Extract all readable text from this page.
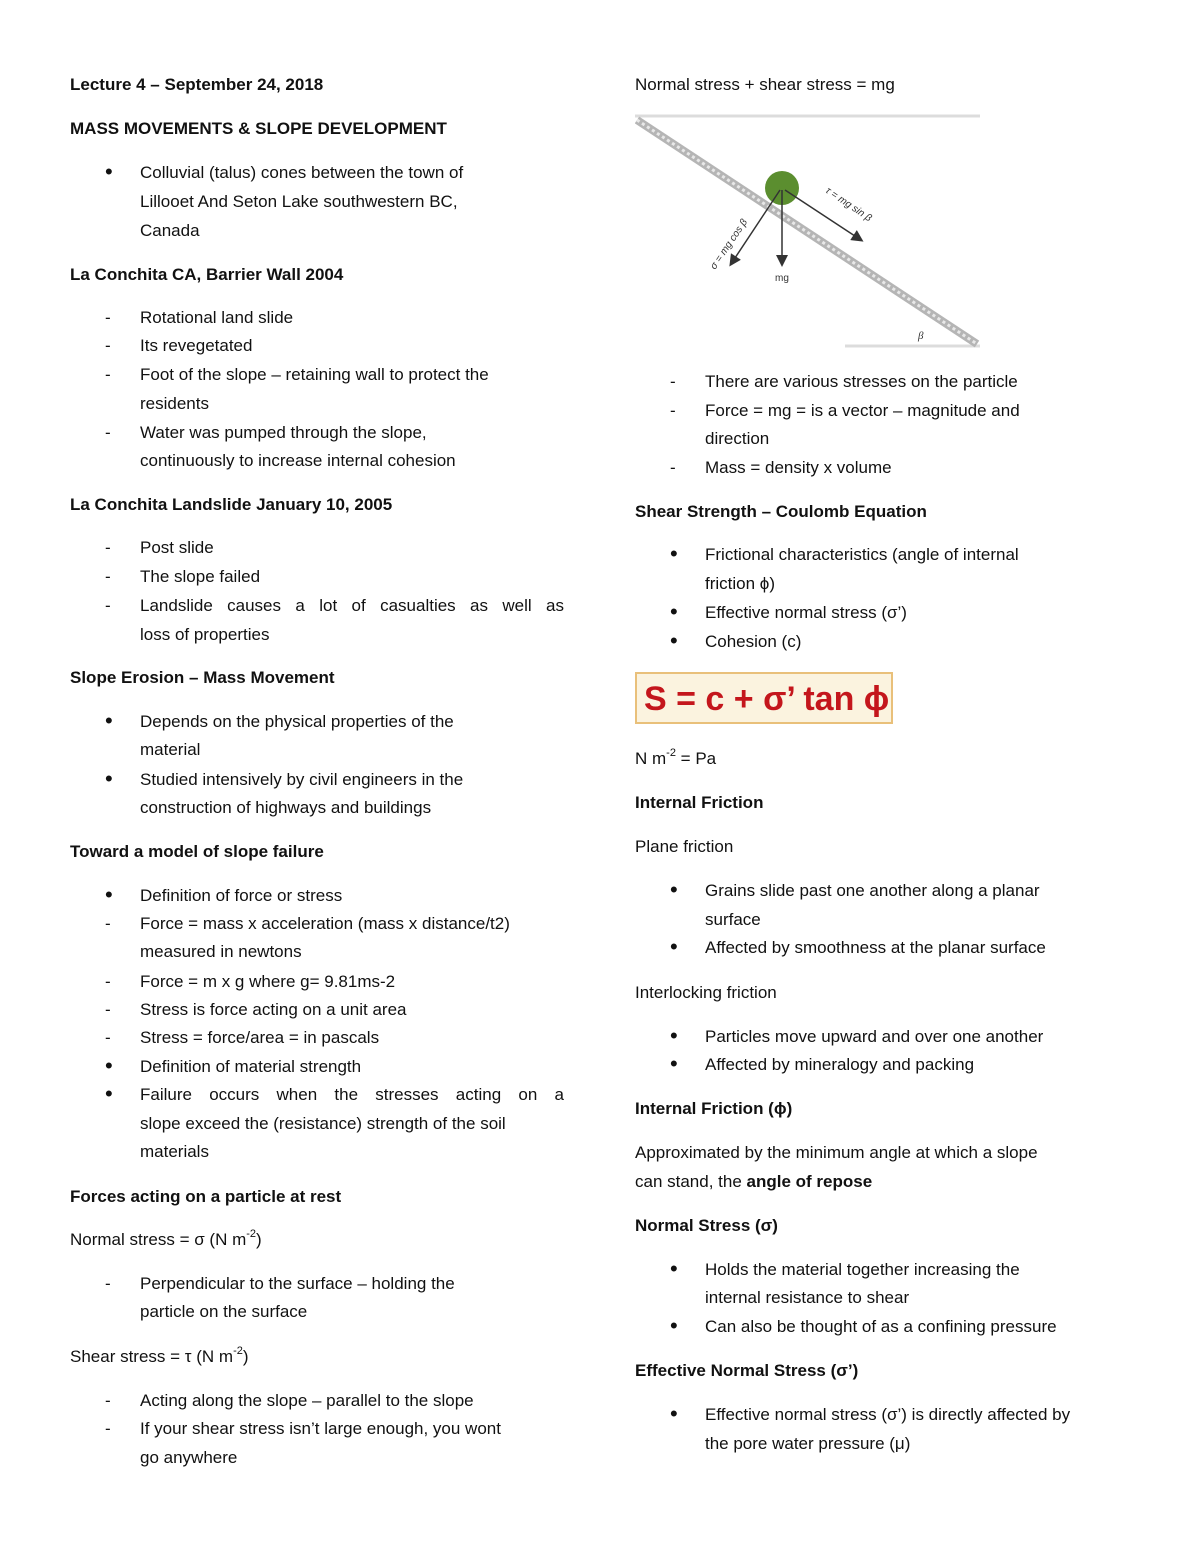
Lecture 4 – September 24, 2018
MASS MOVEMENTS & SLOPE DEVELOPMENT
•	Colluvial (talus) cones between the town of
Lillooet And Seton Lake southwestern BC,
Canada
La Conchita CA, Barrier Wall 2004
-	Rotational land slide
-	Its revegetated
-	Foot of the slope – retaining wall to protect the
residents
-	Water was pumped through the slope,
continuously to increase internal cohesion
La Conchita Landslide January 10, 2005
-	Post slide
-	The slope failed
-	Landslide causes a lot of casualties as well as
loss of properties
Slope Erosion – Mass Movement
•	Depends on the physical properties of the
material
•	Studied intensively by civil engineers in the
construction of highways and buildings
Toward a model of slope failure
•	Definition of force or stress
-	Force = mass x acceleration (mass x distance/t2)
measured in newtons
-	Force = m x g where g= 9.81ms-2
-	Stress is force acting on a unit area
-	Stress = force/area = in pascals
•	Definition of material strength
•	Failure occurs when the stresses acting on a
slope exceed the (resistance) strength of the soil
materials
Forces acting on a particle at rest
Normal stress = σ (N $m^{-2}$)
-	Perpendicular to the surface – holding the
particle on the surface
Shear stress = τ (N $m^{-2}$)
-	Acting along the slope – parallel to the slope
-	If your shear stress isn’t large enough, you wont
go anywhere
mg
σ = mg cos β
τ = mg sin β
β
S = c + σ’ tan ϕ
Normal stress + shear stress = mg
-	There are various stresses on the particle
-	Force = mg = is a vector – magnitude and
direction
-	Mass = density x volume
Shear Strength – Coulomb Equation
•	Frictional characteristics (angle of internal
friction ϕ)
•	Effective normal stress (σ’)
•	Cohesion (c)
N $m^{-2} = Pa$
Internal Friction
Plane friction
•	Grains slide past one another along a planar
surface
•	Affected by smoothness at the planar surface
Interlocking friction
•	Particles move upward and over one another
•	Affected by mineralogy and packing
Internal Friction (ϕ)
Approximated by the minimum angle at which a slope
can stand, the angle of repose
Normal Stress (σ)
•	Holds the material together increasing the
internal resistance to shear
•	Can also be thought of as a confining pressure
Effective Normal Stress (σ’)
•	Effective normal stress (σ’) is directly affected by
the pore water pressure (μ)
